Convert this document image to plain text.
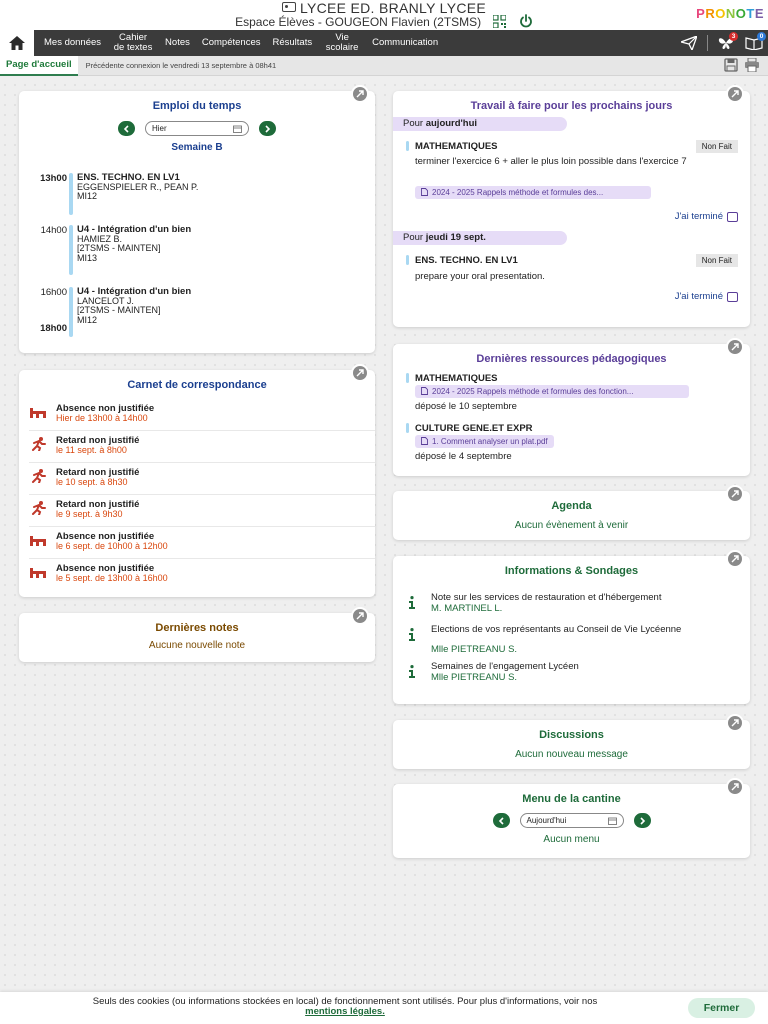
LYCEE ED. BRANLY LYCEE
Espace Élèves - GOUGEON Flavien (2TSMS)
PRONOTE
Mes données	Cahier de textes	Notes	Compétences	Résultats	Vie scolaire	Communication
3	0
Page d'accueil	Précédente connexion le vendredi 13 septembre à 08h41
Emploi du temps
Hier
Semaine B
13h00 ENS. TECHNO. EN LV1
EGGENSPIELER R., PEAN P.
MI12
14h00 U4 - Intégration d'un bien
HAMIEZ B.
[2TSMS - MAINTEN]
MI13
16h00
18h00
U4 - Intégration d'un bien
LANCELOT J.
[2TSMS - MAINTEN]
MI12
Carnet de correspondance
Absence non justifiée
Hier de 13h00 à 14h00
Retard non justifié
le 11 sept. à 8h00
Retard non justifié
le 10 sept. à 8h30
Retard non justifié
le 9 sept. à 9h30
Absence non justifiée
le 6 sept. de 10h00 à 12h00
Absence non justifiée
le 5 sept. de 13h00 à 16h00
Dernières notes
Aucune nouvelle note
Travail à faire pour les prochains jours
Pour aujourd'hui
MATHEMATIQUES	Non Fait
terminer l'exercice 6 + aller le plus loin possible dans l'exercice 7
2024 - 2025 Rappels méthode et formules des...
J'ai terminé
Pour jeudi 19 sept.
ENS. TECHNO. EN LV1	Non Fait
prepare your oral presentation.
J'ai terminé
Dernières ressources pédagogiques
MATHEMATIQUES
2024 - 2025 Rappels méthode et formules des fonction...
déposé le 10 septembre
CULTURE GENE.ET EXPR
1. Comment analyser un plat.pdf
déposé le 4 septembre
Agenda
Aucun évènement à venir
Informations & Sondages
Note sur les services de restauration et d'hébergement
M. MARTINEL L.
Elections de vos représentants au Conseil de Vie Lycéenne
Mlle PIETREANU S.
Semaines de l'engagement Lycéen
Mlle PIETREANU S.
Discussions
Aucun nouveau message
Menu de la cantine
Aujourd'hui
Aucun menu
Seuls des cookies (ou informations stockées en local) de fonctionnement sont utilisés. Pour plus d'informations, voir nos
mentions légales.	Fermer
